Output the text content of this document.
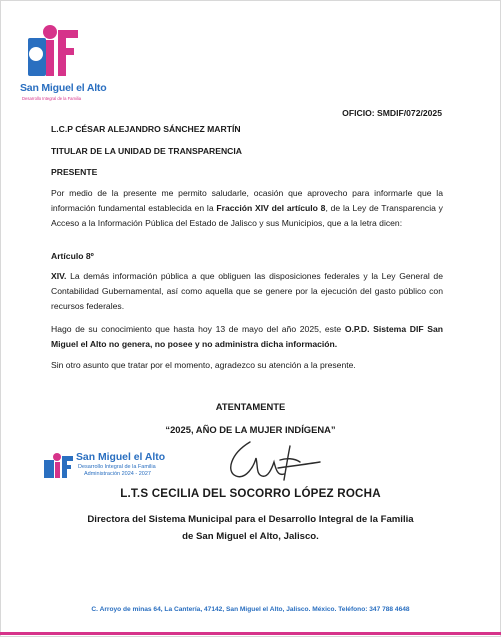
San Miguel el Alto
Desarrollo Integral de la Familia
OFICIO: SMDIF/072/2025
L.C.P CÉSAR ALEJANDRO SÁNCHEZ MARTÍN
TITULAR DE LA UNIDAD DE TRANSPARENCIA
PRESENTE
Por medio de la presente me permito saludarle, ocasión que aprovecho para informarle que la información fundamental establecida en la Fracción XIV del artículo 8, de la Ley de Transparencia y Acceso a la Información Pública del Estado de Jalisco y sus Municipios, que a la letra dicen:
Artículo 8º
XIV. La demás información pública a que obliguen las disposiciones federales y la Ley General de Contabilidad Gubernamental, así como aquella que se genere por la ejecución del gasto público con recursos federales.
Hago de su conocimiento que hasta hoy 13 de mayo del año 2025, este O.P.D. Sistema DIF San Miguel el Alto no genera, no posee y no administra dicha información.
Sin otro asunto que tratar por el momento, agradezco su atención a la presente.
ATENTAMENTE
“2025, AÑO DE LA MUJER INDÍGENA”
San Miguel el Alto
Desarrollo Integral de la Familia
Administración 2024 - 2027
L.T.S CECILIA DEL SOCORRO LÓPEZ ROCHA
Directora del Sistema Municipal para el Desarrollo Integral de la Familia
de San Miguel el Alto, Jalisco.
C. Arroyo de minas 64, La Cantería, 47142, San Miguel el Alto, Jalisco. México. Teléfono: 347 788 4648
